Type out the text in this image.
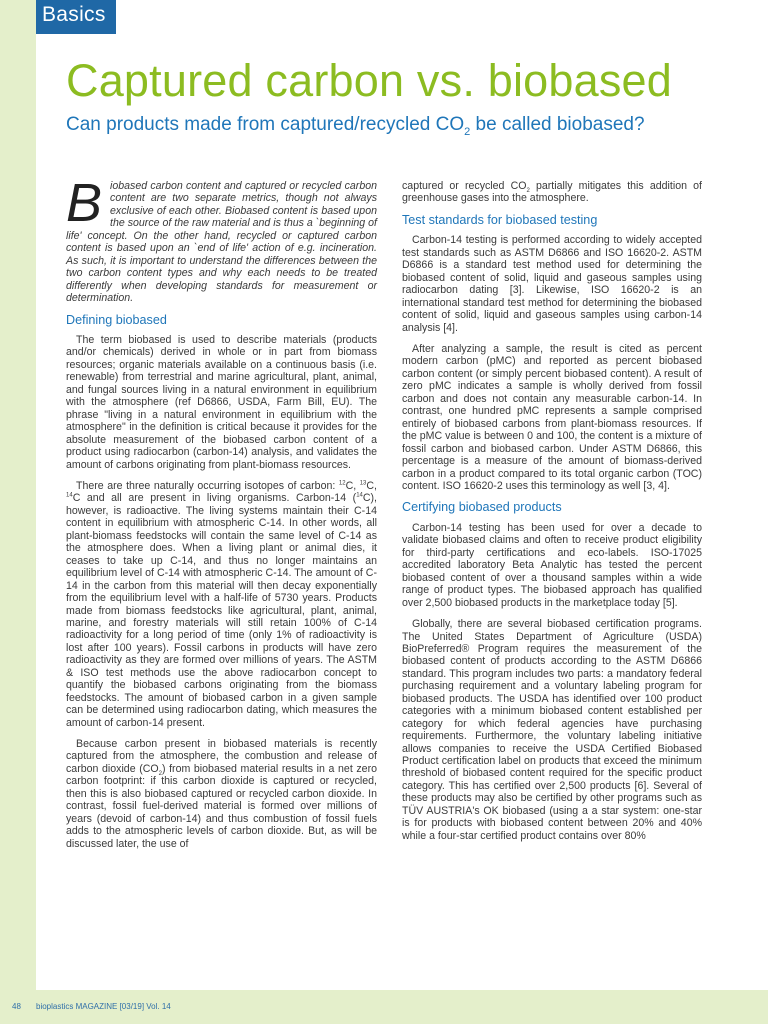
Basics
Captured carbon vs. biobased

Can products made from captured/recycled $CO_2$ be called biobased?

Biobased carbon content and captured or recycled carbon content are two separate metrics, though not always exclusive of each other. Biobased content is based upon the source of the raw material and is thus a `beginning of life' concept. On the other hand, recycled or captured carbon content is based upon an `end of life' action of e.g. incineration. As such, it is important to understand the differences between the two carbon content types and why each needs to be treated differently when developing standards for measurement or determination.

Defining biobased

The term biobased is used to describe materials (products and/or chemicals) derived in whole or in part from biomass resources; organic materials available on a continuous basis (i.e. renewable) from terrestrial and marine agricultural, plant, animal, and fungal sources living in a natural environment in equilibrium with the atmosphere (ref D6866, USDA, Farm Bill, EU). The phrase "living in a natural environment in equilibrium with the atmosphere" in the definition is critical because it provides for the absolute measurement of the biobased carbon content of a product using radiocarbon (carbon-14) analysis, and validates the amount of carbons originating from plant-biomass resources.

There are three naturally occurring isotopes of carbon: $^{12}$C, $^{13}$C, $^{14}$C and all are present in living organisms. Carbon-14 ($^{14}$C), however, is radioactive. The living systems maintain their C-14 content in equilibrium with atmospheric C-14. In other words, all plant-biomass feedstocks will contain the same level of C-14 as the atmosphere does. When a living plant or animal dies, it ceases to take up C-14, and thus no longer maintains an equilibrium level of C-14 with atmospheric C-14. The amount of C-14 in the carbon from this material will then decay exponentially from the equilibrium level with a half-life of 5730 years. Products made from biomass feedstocks like agricultural, plant, animal, marine, and forestry materials will still retain 100% of C-14 radioactivity for a long period of time (only 1% of radioactivity is lost after 100 years). Fossil carbons in products will have zero radioactivity as they are formed over millions of years. The ASTM & ISO test methods use the above radiocarbon concept to quantify the biobased carbons originating from the biomass feedstocks. The amount of biobased carbon in a given sample can be determined using radiocarbon dating, which measures the amount of carbon-14 present.

Because carbon present in biobased materials is recently captured from the atmosphere, the combustion and release of carbon dioxide $(CO_2)$ from biobased material results in a net zero carbon footprint: if this carbon dioxide is captured or recycled, then this is also biobased captured or recycled carbon dioxide. In contrast, fossil fuel-derived material is formed over millions of years (devoid of carbon-14) and thus combustion of fossil fuels adds to the atmospheric levels of carbon dioxide. But, as will be discussed later, the use of

captured or recycled $CO_2$ partially mitigates this addition of greenhouse gases into the atmosphere.

Test standards for biobased testing

Carbon-14 testing is performed according to widely accepted test standards such as ASTM D6866 and ISO 16620-2. ASTM D6866 is a standard test method used for determining the biobased content of solid, liquid and gaseous samples using radiocarbon dating [3]. Likewise, ISO 16620-2 is an international standard test method for determining the biobased content of solid, liquid and gaseous samples using carbon-14 analysis [4].

After analyzing a sample, the result is cited as percent modern carbon (pMC) and reported as percent biobased carbon content (or simply percent biobased content). A result of zero pMC indicates a sample is wholly derived from fossil carbon and does not contain any measurable carbon-14. In contrast, one hundred pMC represents a sample comprised entirely of biobased carbons from plant-biomass resources. If the pMC value is between 0 and 100, the content is a mixture of fossil carbon and biobased carbon. Under ASTM D6866, this percentage is a measure of the amount of biomass-derived carbon in a product compared to its total organic carbon (TOC) content. ISO 16620-2 uses this terminology as well [3, 4].

Certifying biobased products

Carbon-14 testing has been used for over a decade to validate biobased claims and often to receive product eligibility for third-party certifications and eco-labels. ISO-17025 accredited laboratory Beta Analytic has tested the percent biobased content of over a thousand samples within a wide range of product types. The biobased approach has qualified over 2,500 biobased products in the marketplace today [5].

Globally, there are several biobased certification programs. The United States Department of Agriculture (USDA) BioPreferred® Program requires the measurement of the biobased content of products according to the ASTM D6866 standard. This program includes two parts: a mandatory federal purchasing requirement and a voluntary labeling program for biobased products. The USDA has identified over 100 product categories with a minimum biobased content established per category for which federal agencies have purchasing requirements. Furthermore, the voluntary labeling initiative allows companies to receive the USDA Certified Biobased Product certification label on products that exceed the minimum threshold of biobased content required for the specific product category. This has certified over 2,500 products [6]. Several of these products may also be certified by other programs such as TÜV AUSTRIA's OK biobased (using a a star system: one-star is for products with biobased content between 20% and 40% while a four-star certified product contains over 80%

48 bioplastics MAGAZINE [03/19] Vol. 14
